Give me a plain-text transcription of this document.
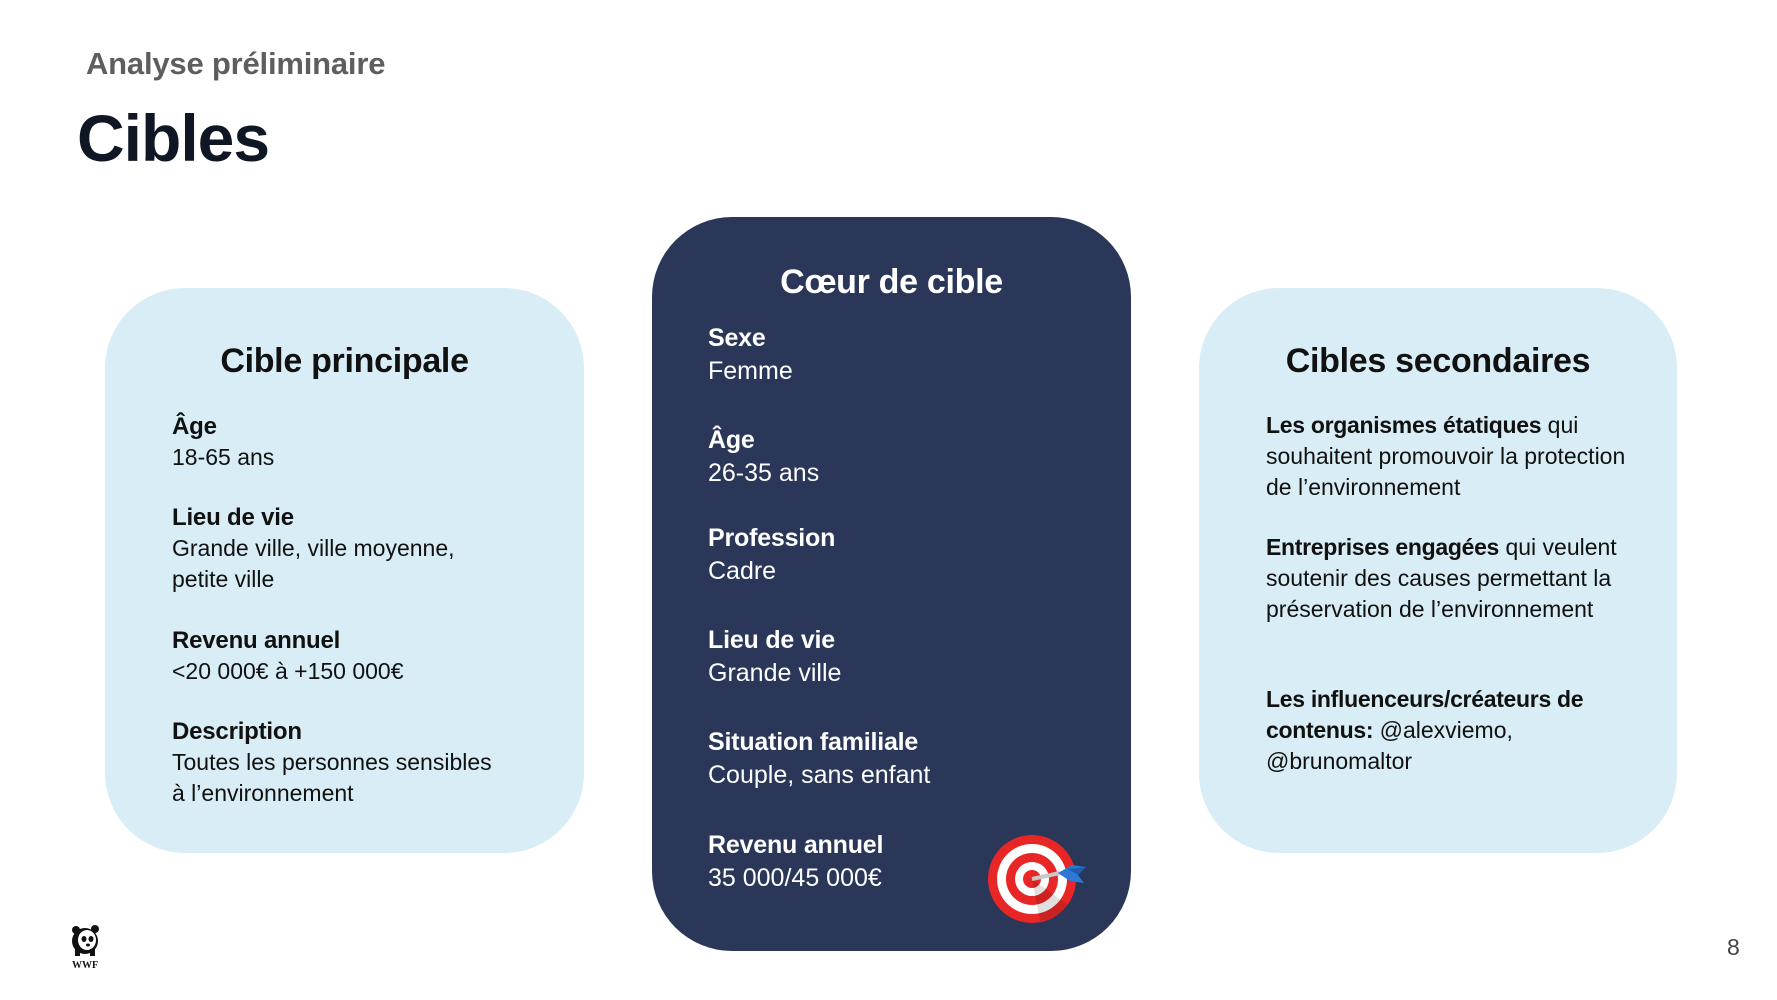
Analyse préliminaire
Cibles
Cible principale
Âge
18-65 ans
Lieu de vie
Grande ville, ville moyenne,
petite ville
Revenu annuel
<20 000€ à +150 000€
Description
Toutes les personnes sensibles
à l’environnement
Cœur de cible
Sexe
Femme
Âge
26-35 ans
Profession
Cadre
Lieu de vie
Grande ville
Situation familiale
Couple, sans enfant
Revenu annuel
35 000/45 000€
Cibles secondaires
Les organismes étatiques qui souhaitent promouvoir la protection de l’environnement
Entreprises engagées qui veulent soutenir des causes permettant la préservation de l’environnement
Les influenceurs/créateurs de contenus: @alexviemo, @brunomaltor
WWF
8
